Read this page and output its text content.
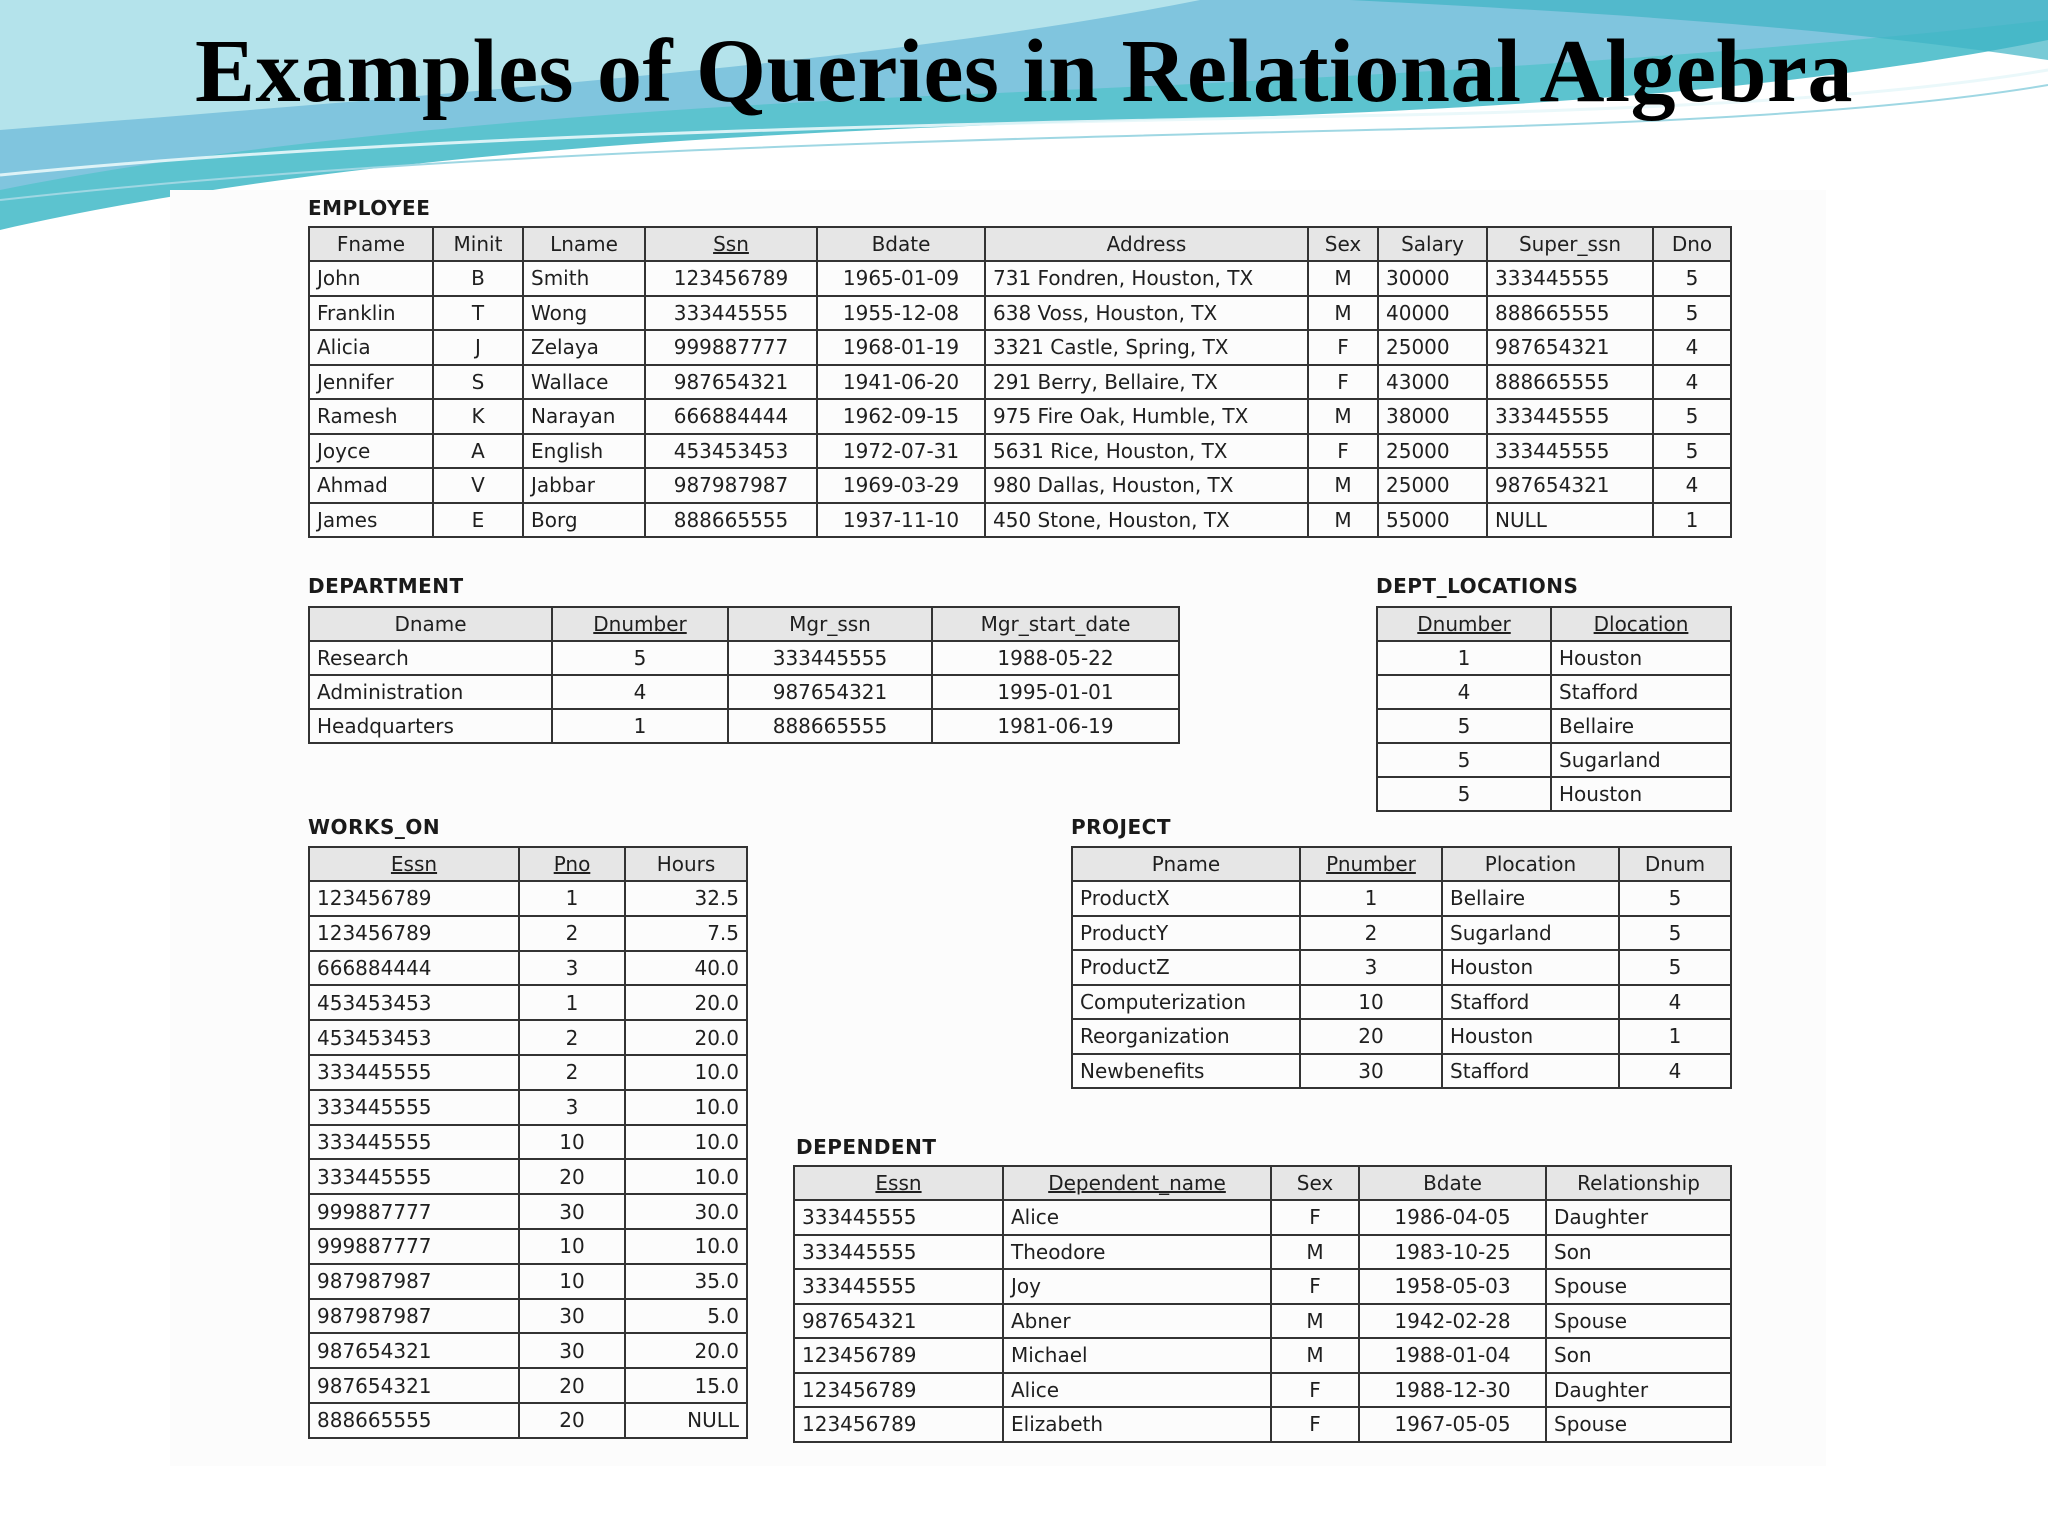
Examples of Queries in Relational Algebra

EMPLOYEE

Fname	Minit	Lname	Ssn	Bdate	Address	Sex	Salary	Super_ssn	Dno
John	B	Smith	123456789	1965-01-09	731 Fondren, Houston, TX	M	30000	333445555	5
Franklin	T	Wong	333445555	1955-12-08	638 Voss, Houston, TX	M	40000	888665555	5
Alicia	J	Zelaya	999887777	1968-01-19	3321 Castle, Spring, TX	F	25000	987654321	4
Jennifer	S	Wallace	987654321	1941-06-20	291 Berry, Bellaire, TX	F	43000	888665555	4
Ramesh	K	Narayan	666884444	1962-09-15	975 Fire Oak, Humble, TX	M	38000	333445555	5
Joyce	A	English	453453453	1972-07-31	5631 Rice, Houston, TX	F	25000	333445555	5
Ahmad	V	Jabbar	987987987	1969-03-29	980 Dallas, Houston, TX	M	25000	987654321	4
James	E	Borg	888665555	1937-11-10	450 Stone, Houston, TX	M	55000	NULL	1

DEPARTMENT

Dname	Dnumber	Mgr_ssn	Mgr_start_date
Research	5	333445555	1988-05-22
Administration	4	987654321	1995-01-01
Headquarters	1	888665555	1981-06-19

DEPT_LOCATIONS

Dnumber	Dlocation
1	Houston
4	Stafford
5	Bellaire
5	Sugarland
5	Houston

WORKS_ON

Essn	Pno	Hours
123456789	1	32.5
123456789	2	7.5
666884444	3	40.0
453453453	1	20.0
453453453	2	20.0
333445555	2	10.0
333445555	3	10.0
333445555	10	10.0
333445555	20	10.0
999887777	30	30.0
999887777	10	10.0
987987987	10	35.0
987987987	30	5.0
987654321	30	20.0
987654321	20	15.0
888665555	20	NULL

PROJECT

Pname	Pnumber	Plocation	Dnum
ProductX	1	Bellaire	5
ProductY	2	Sugarland	5
ProductZ	3	Houston	5
Computerization	10	Stafford	4
Reorganization	20	Houston	1
Newbenefits	30	Stafford	4

DEPENDENT

Essn	Dependent_name	Sex	Bdate	Relationship
333445555	Alice	F	1986-04-05	Daughter
333445555	Theodore	M	1983-10-25	Son
333445555	Joy	F	1958-05-03	Spouse
987654321	Abner	M	1942-02-28	Spouse
123456789	Michael	M	1988-01-04	Son
123456789	Alice	F	1988-12-30	Daughter
123456789	Elizabeth	F	1967-05-05	Spouse
